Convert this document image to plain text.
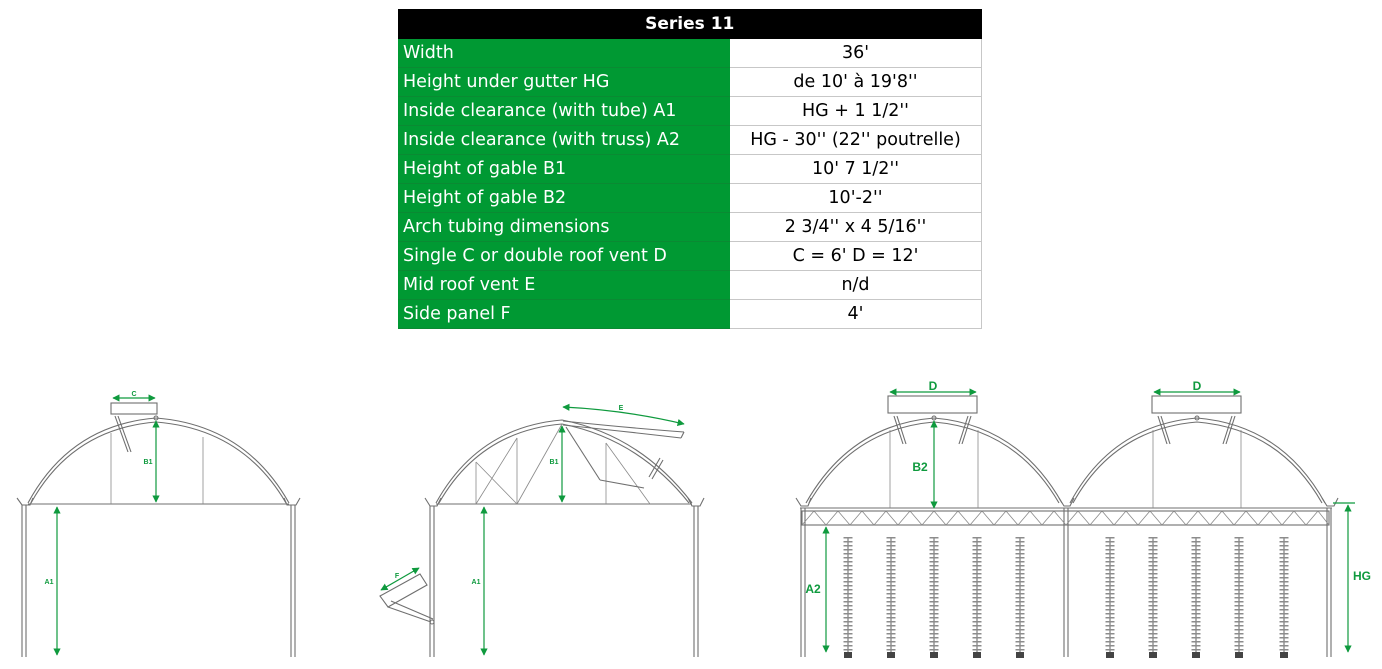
Series 11	
Width	36'
Height under gutter HG	de 10' à 19'8''
Inside clearance (with tube) A1	HG + 1 1/2''
Inside clearance (with truss) A2	HG - 30'' (22'' poutrelle)
Height of gable B1	10' 7 1/2''
Height of gable B2	10'-2''
Arch tubing dimensions	2 3/4'' x 4 5/16''
Single C or double roof vent D	C = 6' D = 12'
Mid roof vent E	n/d
Side panel F	4'
C
B1
A1
E
B1
A1
F
D	D
B2
A2
HG
